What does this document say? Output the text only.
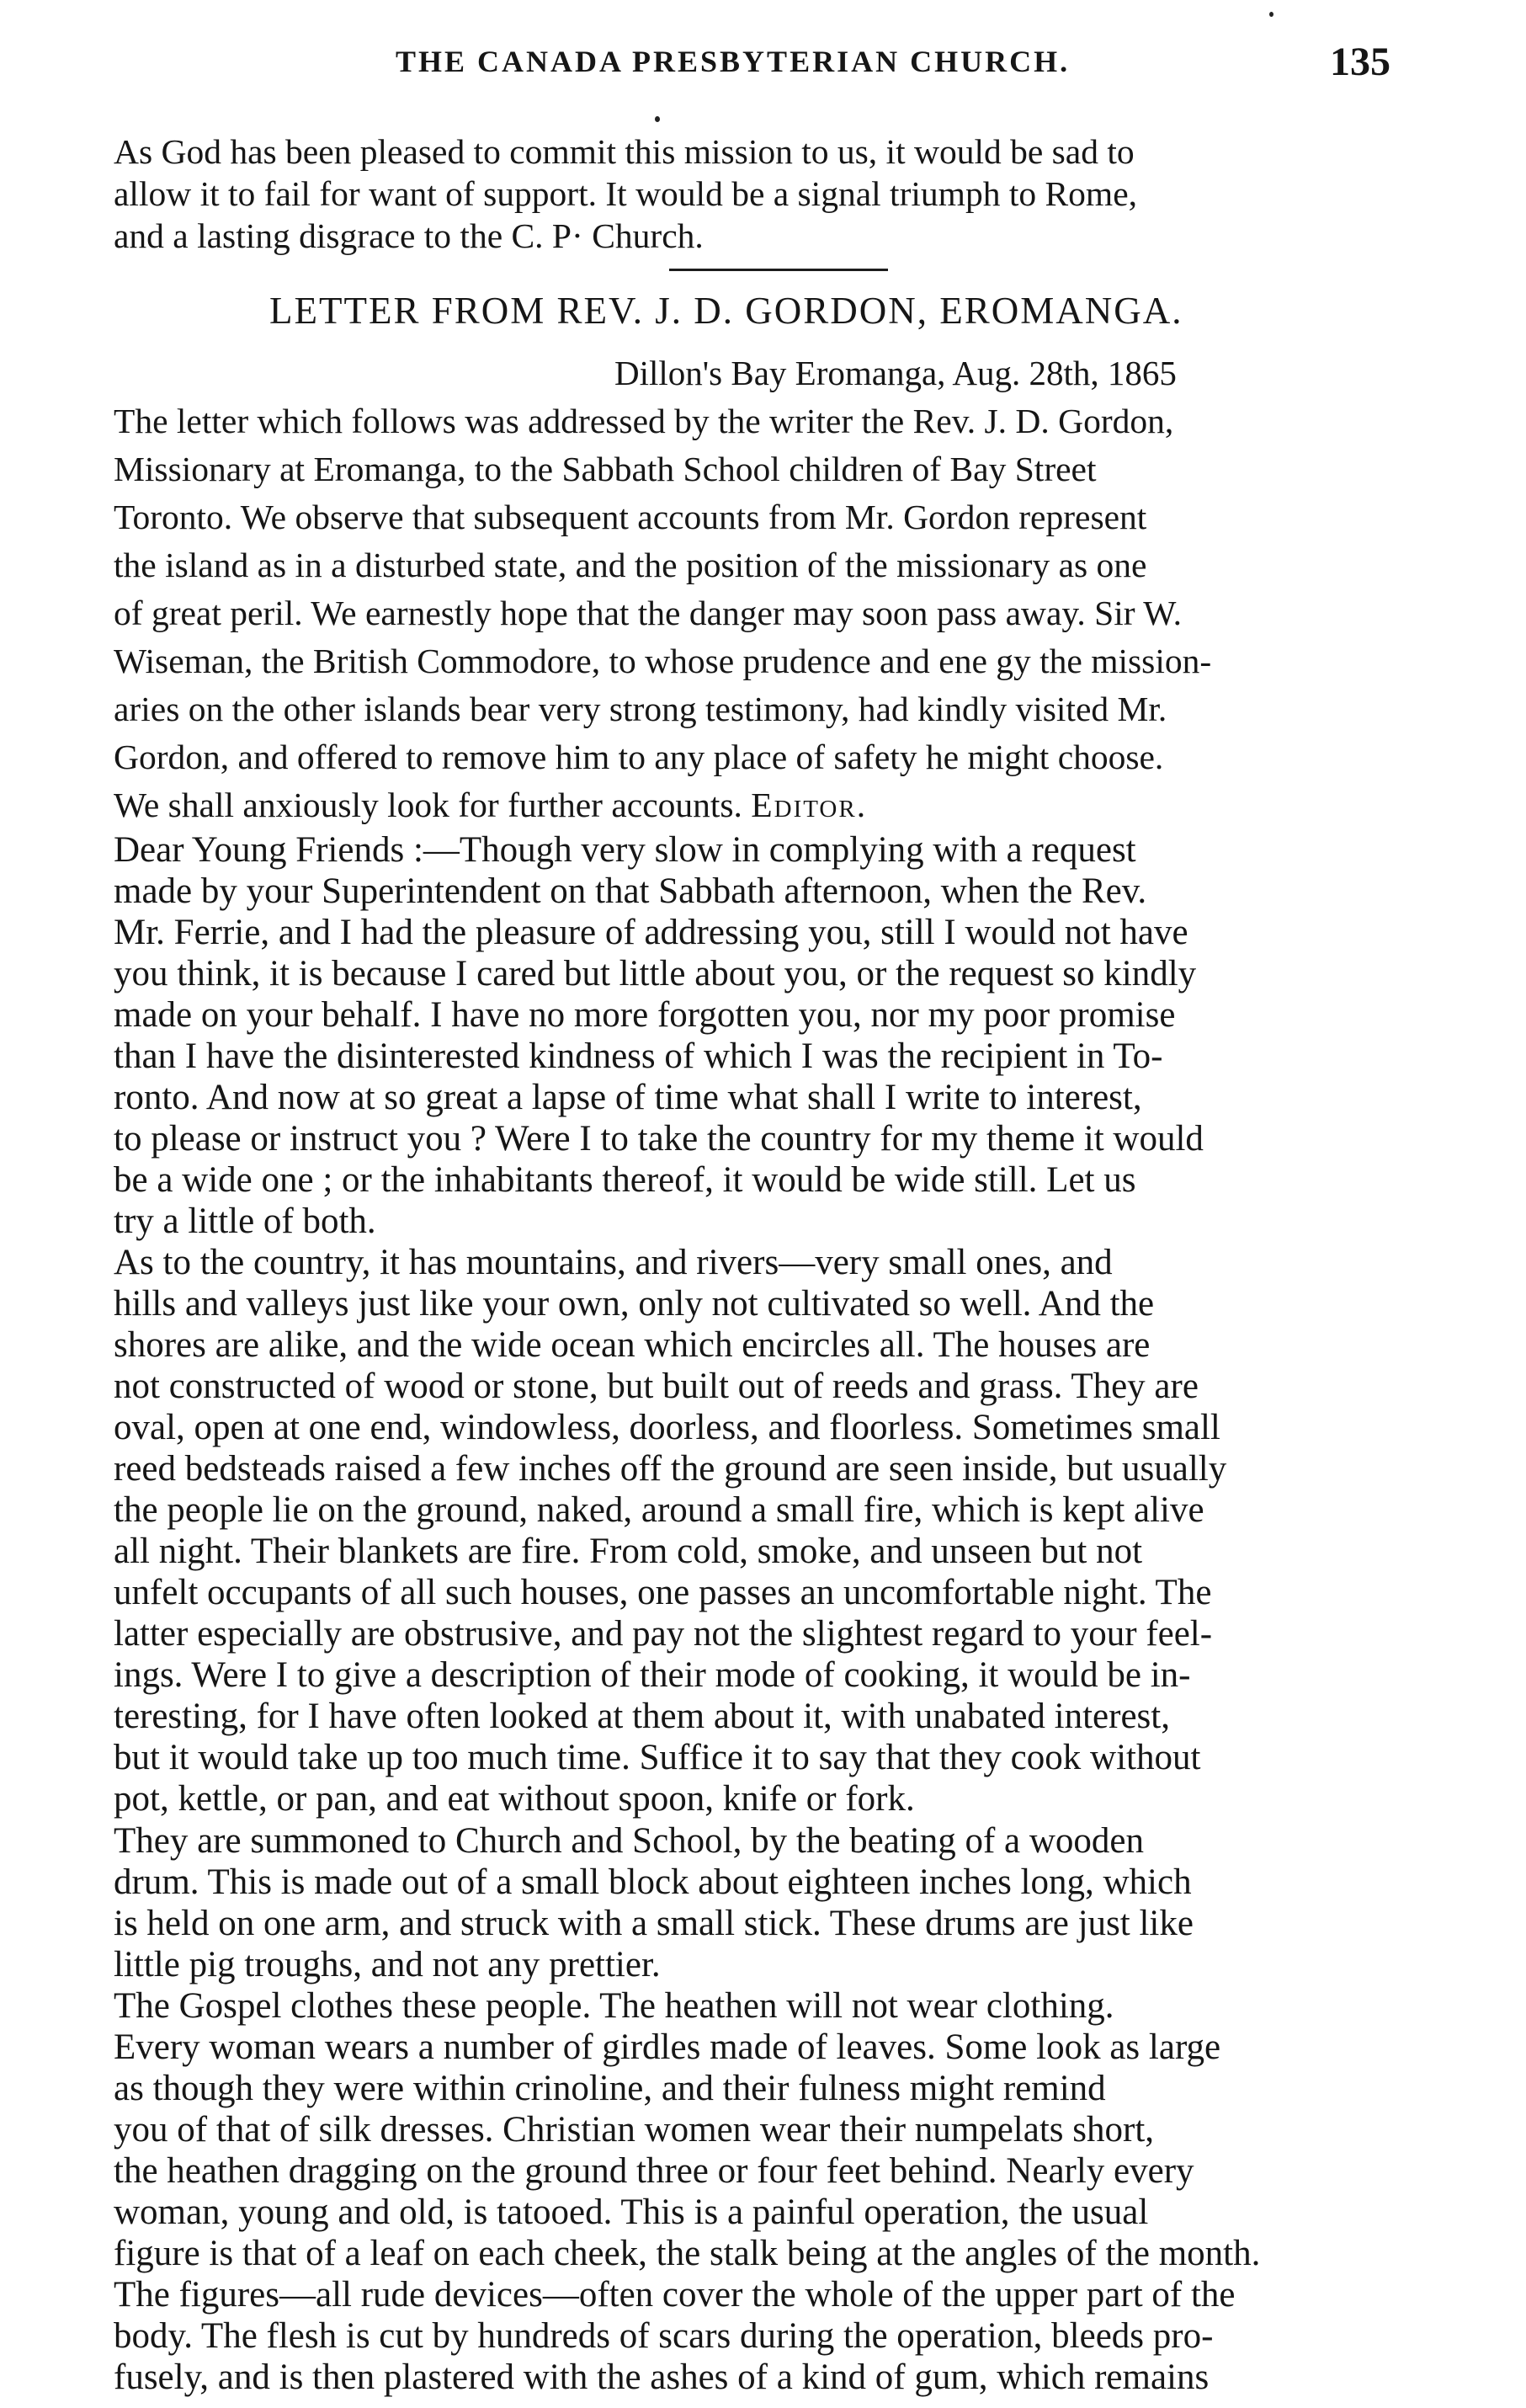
THE CANADA PRESBYTERIAN CHURCH.	135
As God has been pleased to commit this mission to us, it would be sad to
allow it to fail for want of support. It would be a signal triumph to Rome,
and a lasting disgrace to the C. P· Church.
LETTER FROM REV. J. D. GORDON, EROMANGA.
Dillon's Bay Eromanga, Aug. 28th, 1865
The letter which follows was addressed by the writer the Rev. J. D. Gordon,
Missionary at Eromanga, to the Sabbath School children of Bay Street
Toronto. We observe that subsequent accounts from Mr. Gordon represent
the island as in a disturbed state, and the position of the missionary as one
of great peril. We earnestly hope that the danger may soon pass away. Sir W.
Wiseman, the British Commodore, to whose prudence and ene gy the mission-
aries on the other islands bear very strong testimony, had kindly visited Mr.
Gordon, and offered to remove him to any place of safety he might choose.
We shall anxiously look for further accounts. Editor.
Dear Young Friends :—Though very slow in complying with a request
made by your Superintendent on that Sabbath afternoon, when the Rev.
Mr. Ferrie, and I had the pleasure of addressing you, still I would not have
you think, it is because I cared but little about you, or the request so kindly
made on your behalf. I have no more forgotten you, nor my poor promise
than I have the disinterested kindness of which I was the recipient in To-
ronto. And now at so great a lapse of time what shall I write to interest,
to please or instruct you ? Were I to take the country for my theme it would
be a wide one ; or the inhabitants thereof, it would be wide still. Let us
try a little of both.
As to the country, it has mountains, and rivers—very small ones, and
hills and valleys just like your own, only not cultivated so well. And the
shores are alike, and the wide ocean which encircles all. The houses are
not constructed of wood or stone, but built out of reeds and grass. They are
oval, open at one end, windowless, doorless, and floorless. Sometimes small
reed bedsteads raised a few inches off the ground are seen inside, but usually
the people lie on the ground, naked, around a small fire, which is kept alive
all night. Their blankets are fire. From cold, smoke, and unseen but not
unfelt occupants of all such houses, one passes an uncomfortable night. The
latter especially are obstrusive, and pay not the slightest regard to your feel-
ings. Were I to give a description of their mode of cooking, it would be in-
teresting, for I have often looked at them about it, with unabated interest,
but it would take up too much time. Suffice it to say that they cook without
pot, kettle, or pan, and eat without spoon, knife or fork.
They are summoned to Church and School, by the beating of a wooden
drum. This is made out of a small block about eighteen inches long, which
is held on one arm, and struck with a small stick. These drums are just like
little pig troughs, and not any prettier.
The Gospel clothes these people. The heathen will not wear clothing.
Every woman wears a number of girdles made of leaves. Some look as large
as though they were within crinoline, and their fulness might remind
you of that of silk dresses. Christian women wear their numpelats short,
the heathen dragging on the ground three or four feet behind. Nearly every
woman, young and old, is tatooed. This is a painful operation, the usual
figure is that of a leaf on each cheek, the stalk being at the angles of the month.
The figures—all rude devices—often cover the whole of the upper part of the
body. The flesh is cut by hundreds of scars during the operation, bleeds pro-
fusely, and is then plastered with the ashes of a kind of gum, which remains
